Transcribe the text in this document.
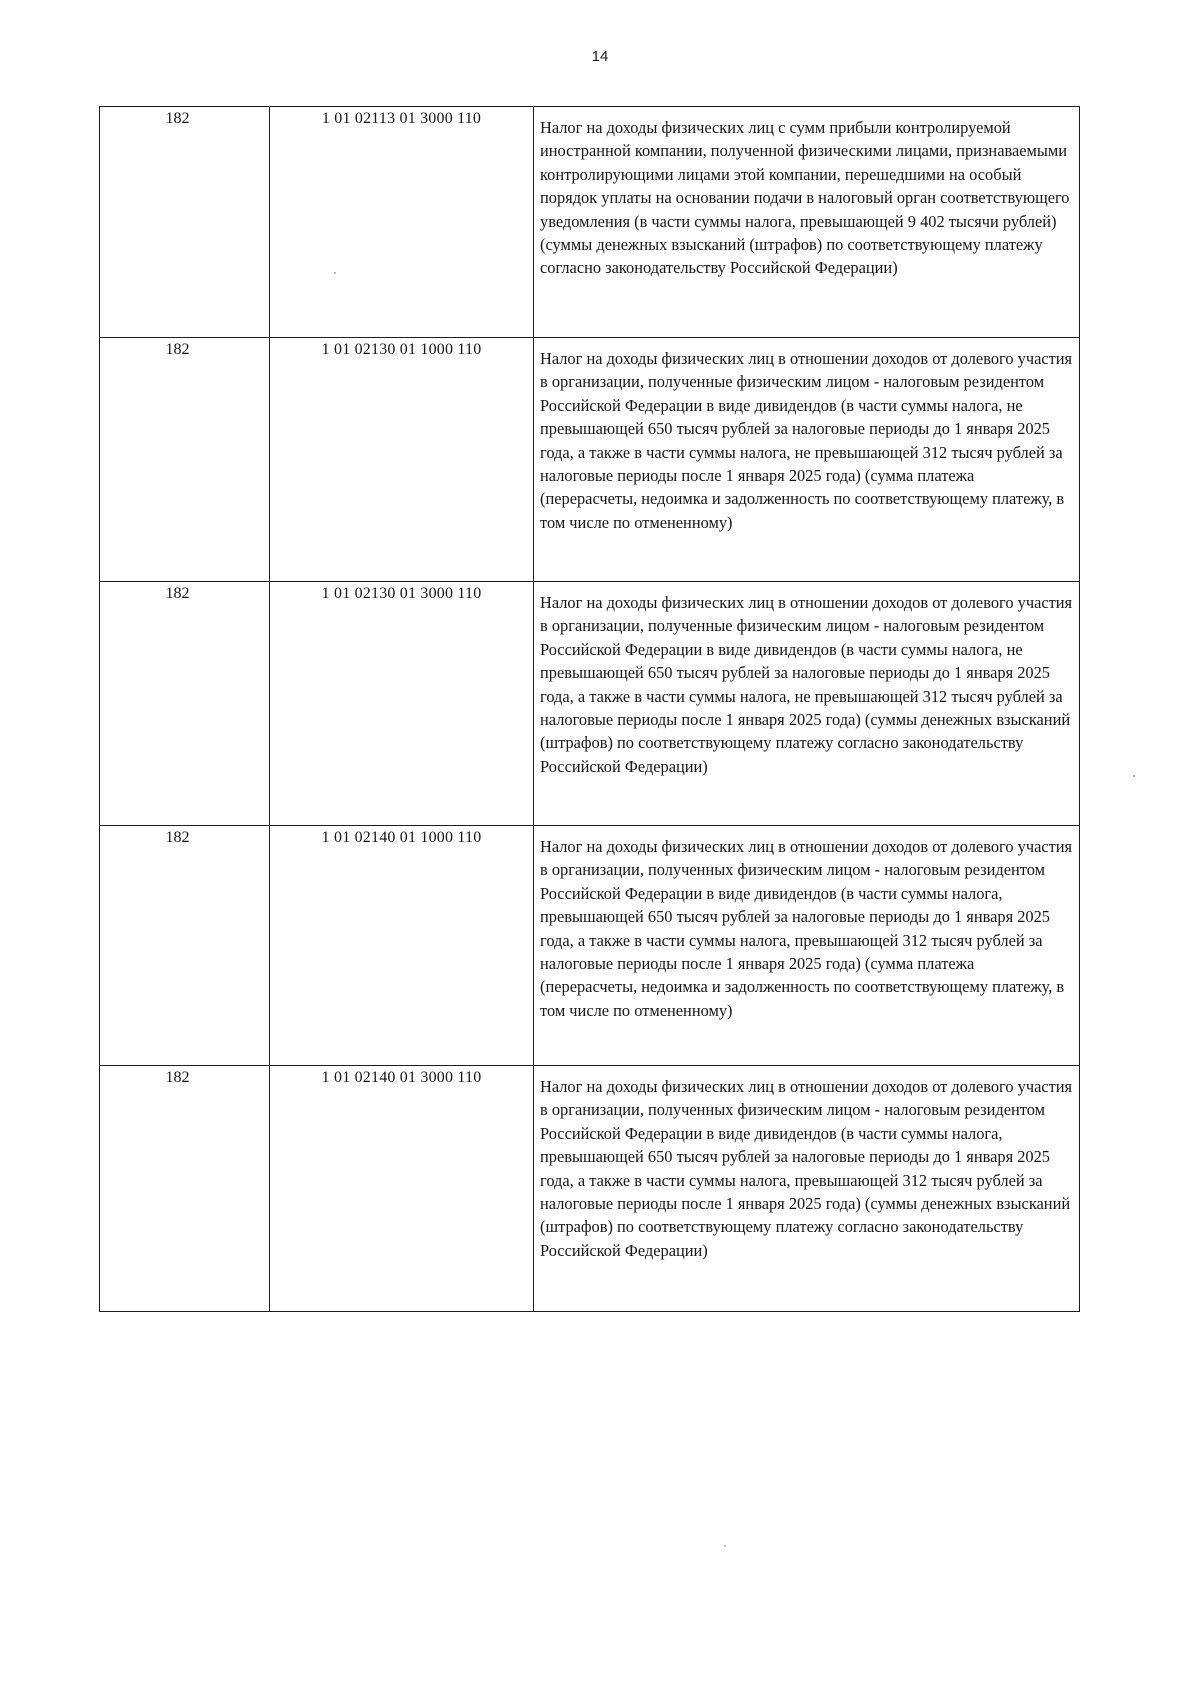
14
182	1 01 02113 01 3000 110	Налог на доходы физических лиц с сумм прибыли контролируемой иностранной компании, полученной физическими лицами, признаваемыми контролирующими лицами этой компании, перешедшими на особый порядок уплаты на основании подачи в налоговый орган соответствующего уведомления (в части суммы налога, превышающей 9 402 тысячи рублей) (суммы денежных взысканий (штрафов) по соответствующему платежу согласно законодательству Российской Федерации)
182	1 01 02130 01 1000 110	Налог на доходы физических лиц в отношении доходов от долевого участия в организации, полученные физическим лицом - налоговым резидентом Российской Федерации в виде дивидендов (в части суммы налога, не превышающей 650 тысяч рублей за налоговые периоды до 1 января 2025 года, а также в части суммы налога, не превышающей 312 тысяч рублей за налоговые периоды после 1 января 2025 года) (сумма платежа (перерасчеты, недоимка и задолженность по соответствующему платежу, в том числе по отмененному)
182	1 01 02130 01 3000 110	Налог на доходы физических лиц в отношении доходов от долевого участия в организации, полученные физическим лицом - налоговым резидентом Российской Федерации в виде дивидендов (в части суммы налога, не превышающей 650 тысяч рублей за налоговые периоды до 1 января 2025 года, а также в части суммы налога, не превышающей 312 тысяч рублей за налоговые периоды после 1 января 2025 года) (суммы денежных взысканий (штрафов) по соответствующему платежу согласно законодательству Российской Федерации)
182	1 01 02140 01 1000 110	Налог на доходы физических лиц в отношении доходов от долевого участия в организации, полученных физическим лицом - налоговым резидентом Российской Федерации в виде дивидендов (в части суммы налога, превышающей 650 тысяч рублей за налоговые периоды до 1 января 2025 года, а также в части суммы налога, превышающей 312 тысяч рублей за налоговые периоды после 1 января 2025 года) (сумма платежа (перерасчеты, недоимка и задолженность по соответствующему платежу, в том числе по отмененному)
182	1 01 02140 01 3000 110	Налог на доходы физических лиц в отношении доходов от долевого участия в организации, полученных физическим лицом - налоговым резидентом Российской Федерации в виде дивидендов (в части суммы налога, превышающей 650 тысяч рублей за налоговые периоды до 1 января 2025 года, а также в части суммы налога, превышающей 312 тысяч рублей за налоговые периоды после 1 января 2025 года) (суммы денежных взысканий (штрафов) по соответствующему платежу согласно законодательству Российской Федерации)
